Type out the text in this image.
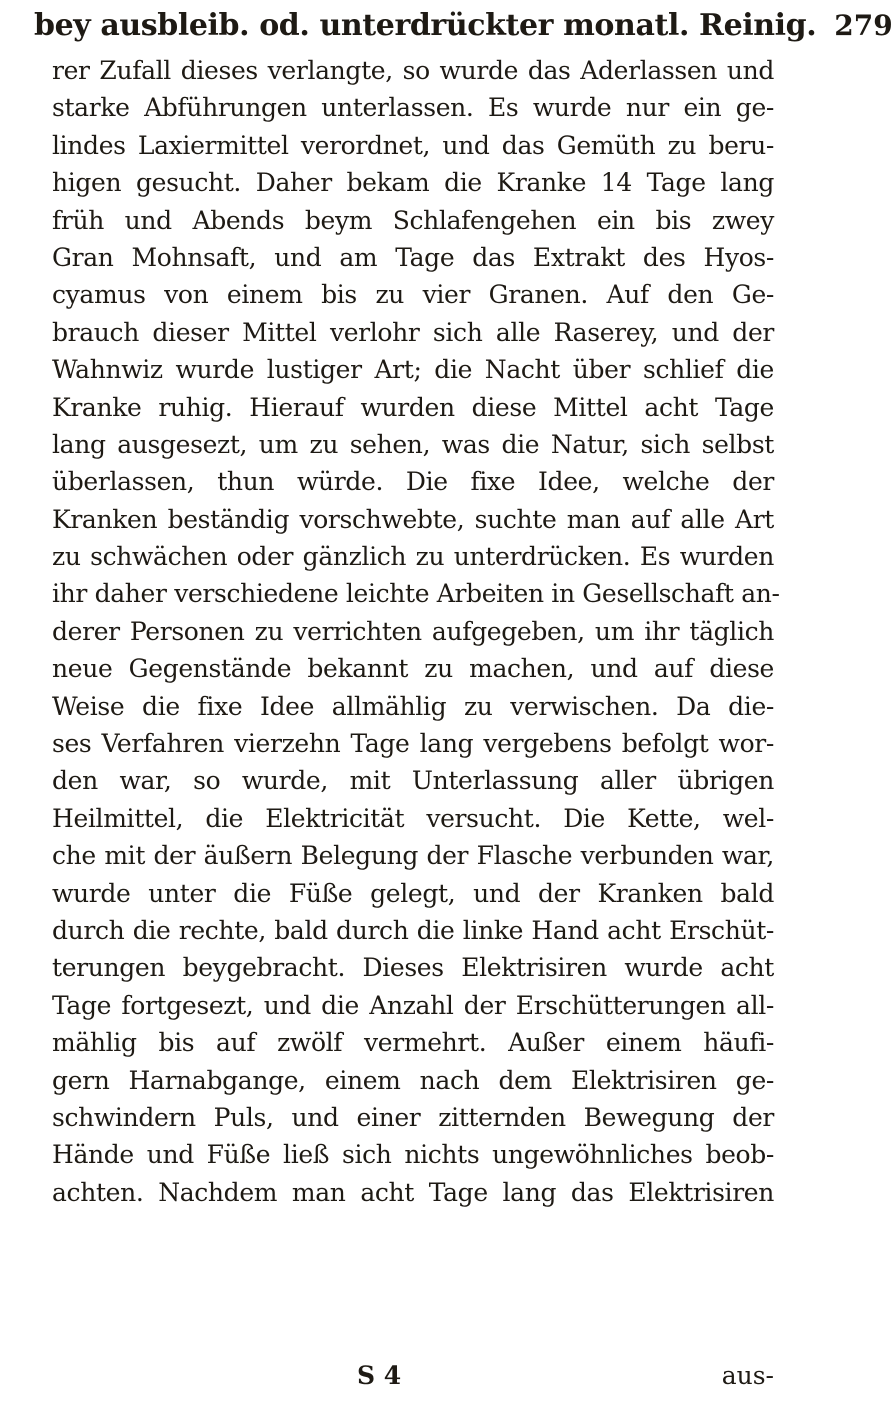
bey ausbleib. od. unterdrückter monatl. Reinig. 279
rer Zufall dieses verlangte, so wurde das Aderlassen und
starke Abführungen unterlassen. Es wurde nur ein ge-
lindes Laxiermittel verordnet, und das Gemüth zu beru-
higen gesucht. Daher bekam die Kranke 14 Tage lang
früh und Abends beym Schlafengehen ein bis zwey
Gran Mohnsaft, und am Tage das Extrakt des Hyos-
cyamus von einem bis zu vier Granen. Auf den Ge-
brauch dieser Mittel verlohr sich alle Raserey, und der
Wahnwiz wurde lustiger Art; die Nacht über schlief die
Kranke ruhig. Hierauf wurden diese Mittel acht Tage
lang ausgesezt, um zu sehen, was die Natur, sich selbst
überlassen, thun würde. Die fixe Idee, welche der
Kranken beständig vorschwebte, suchte man auf alle Art
zu schwächen oder gänzlich zu unterdrücken. Es wurden
ihr daher verschiedene leichte Arbeiten in Gesellschaft an-
derer Personen zu verrichten aufgegeben, um ihr täglich
neue Gegenstände bekannt zu machen, und auf diese
Weise die fixe Idee allmählig zu verwischen. Da die-
ses Verfahren vierzehn Tage lang vergebens befolgt wor-
den war, so wurde, mit Unterlassung aller übrigen
Heilmittel, die Elektricität versucht. Die Kette, wel-
che mit der äußern Belegung der Flasche verbunden war,
wurde unter die Füße gelegt, und der Kranken bald
durch die rechte, bald durch die linke Hand acht Erschüt-
terungen beygebracht. Dieses Elektrisiren wurde acht
Tage fortgesezt, und die Anzahl der Erschütterungen all-
mählig bis auf zwölf vermehrt. Außer einem häufi-
gern Harnabgange, einem nach dem Elektrisiren ge-
schwindern Puls, und einer zitternden Bewegung der
Hände und Füße ließ sich nichts ungewöhnliches beob-
achten. Nachdem man acht Tage lang das Elektrisiren
S 4	aus-
